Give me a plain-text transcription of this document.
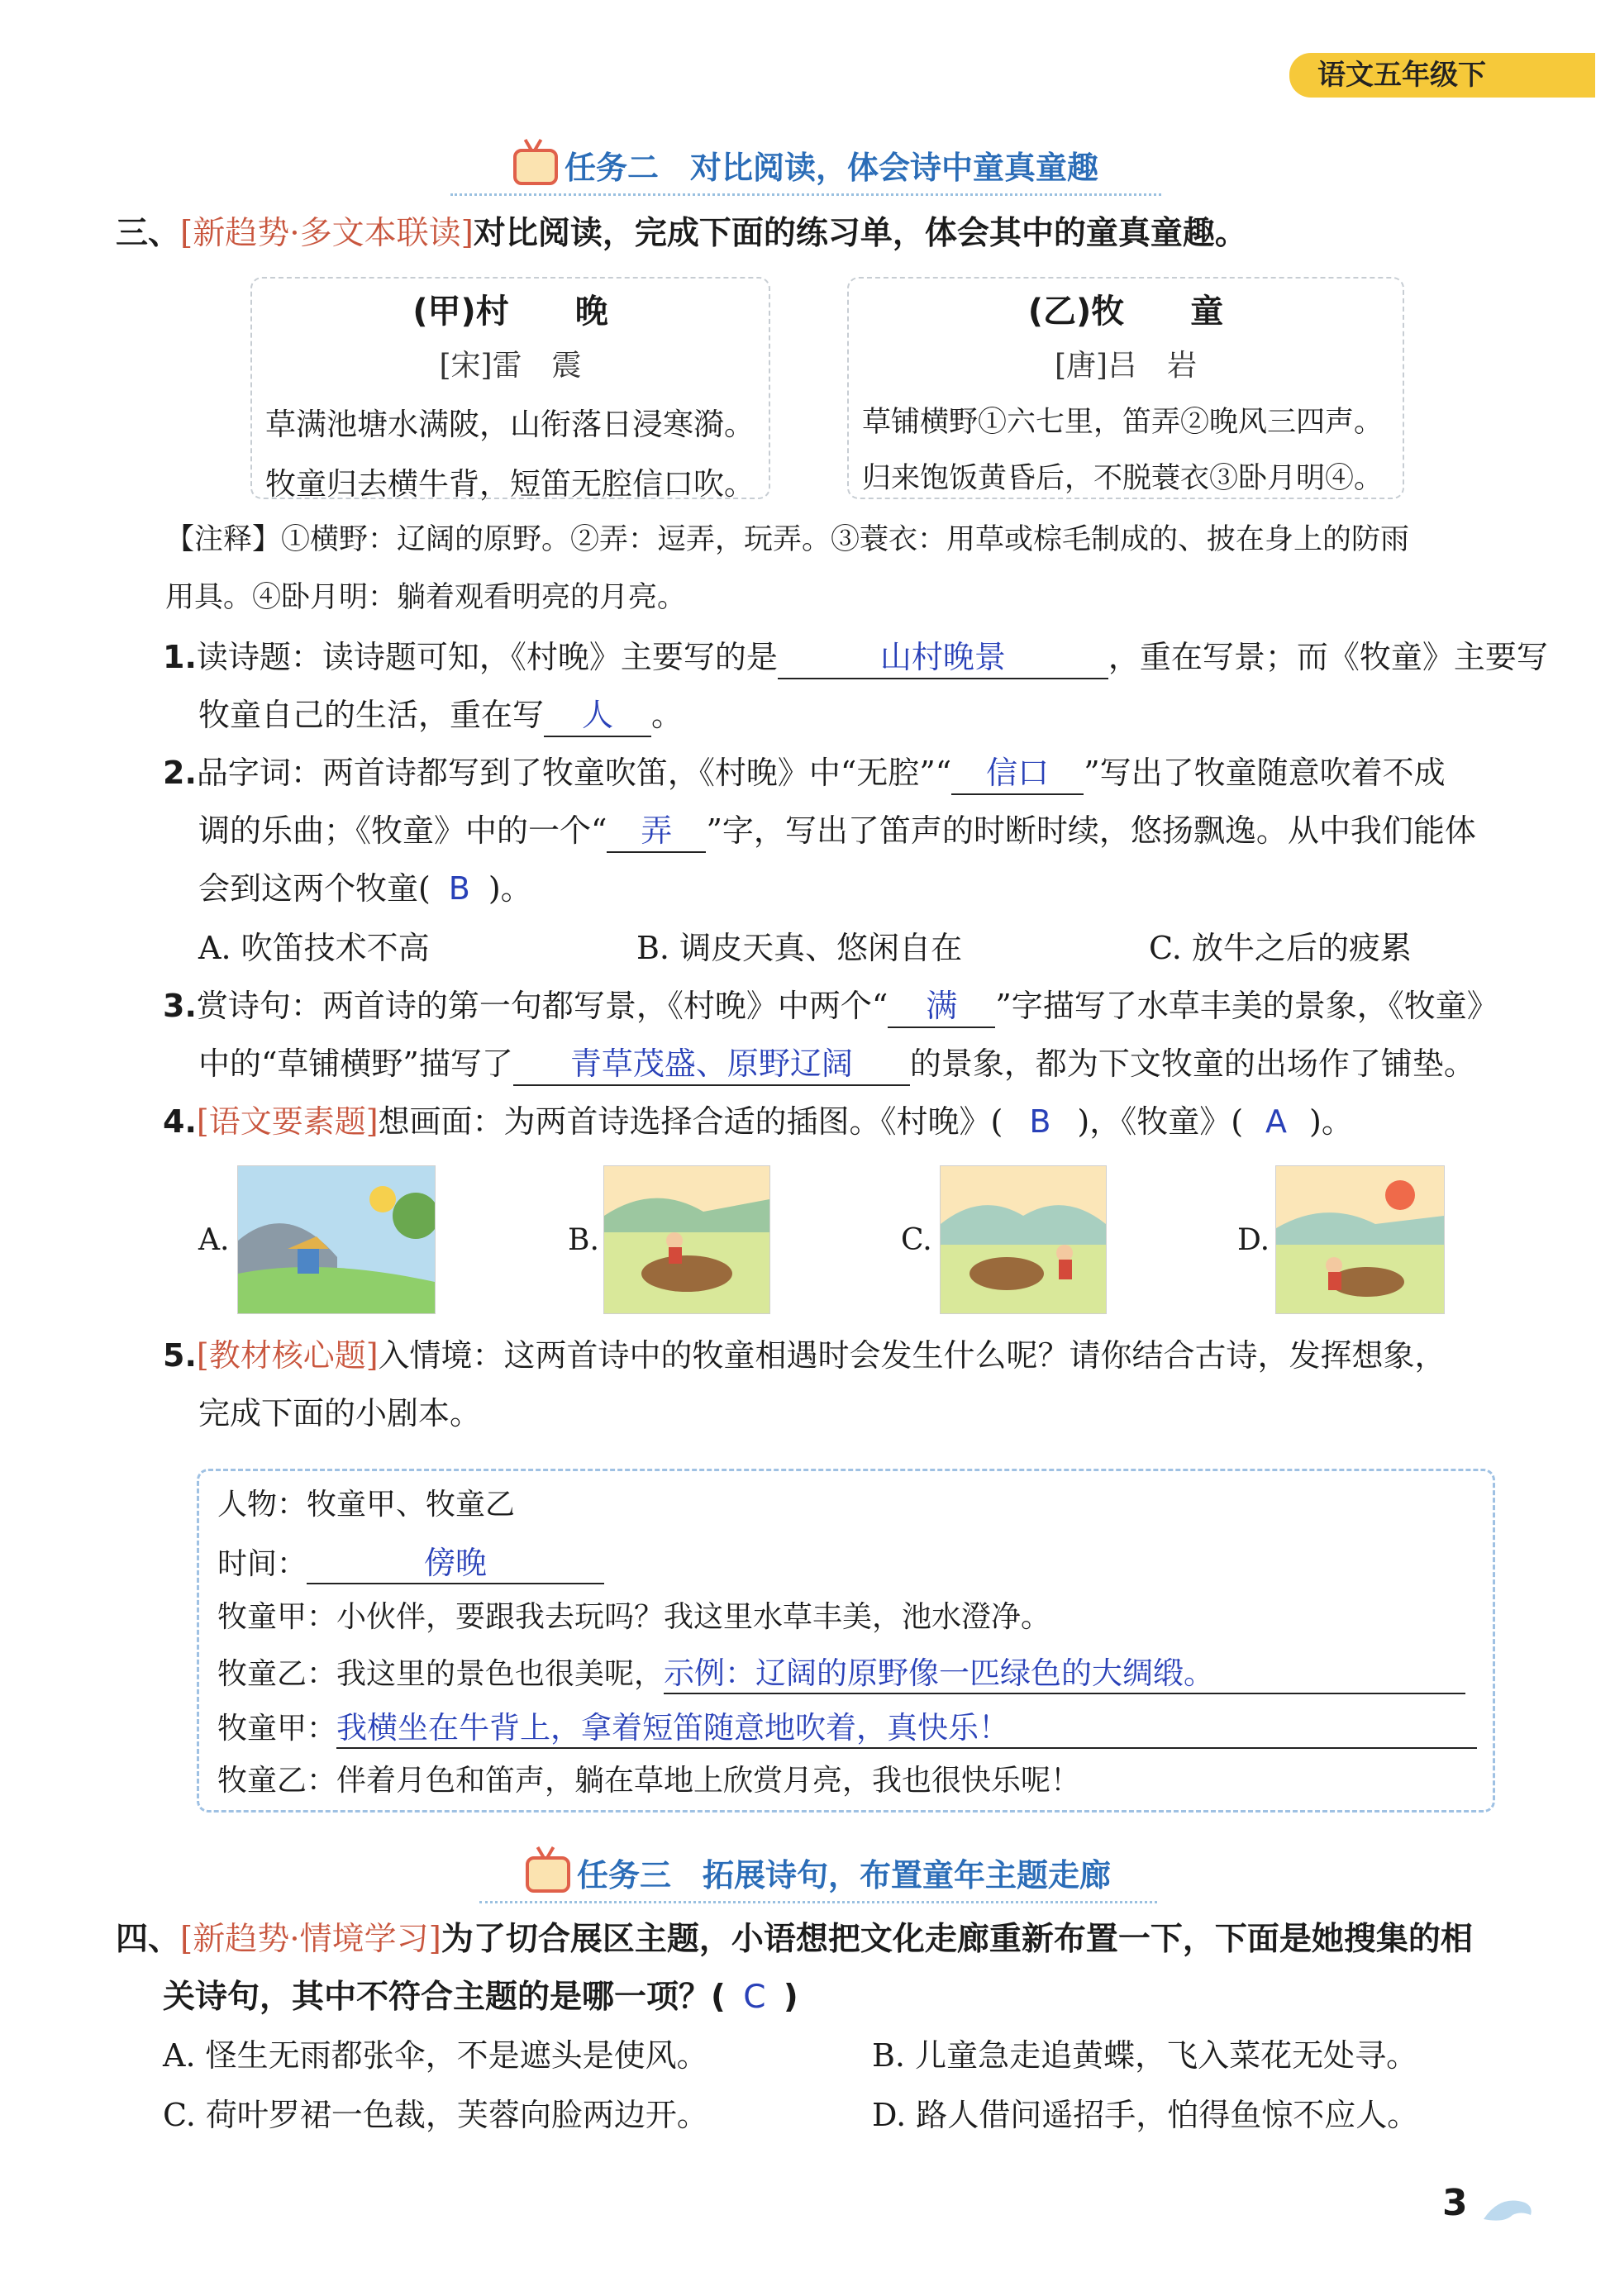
语文五年级下
任务二　对比阅读，体会诗中童真童趣
三、[新趋势·多文本联读]对比阅读，完成下面的练习单，体会其中的童真童趣。
(甲)村　　晚
[宋]雷　震
草满池塘水满陂，山衔落日浸寒漪。
牧童归去横牛背，短笛无腔信口吹。
(乙)牧　　童
[唐]吕　岩
草铺横野①六七里，笛弄②晚风三四声。
归来饱饭黄昏后，不脱蓑衣③卧月明④。
【注释】①横野：辽阔的原野。②弄：逗弄，玩弄。③蓑衣：用草或棕毛制成的、披在身上的防雨
用具。④卧月明：躺着观看明亮的月亮。
1.读诗题：读诗题可知，《村晚》主要写的是	山村晚景	，重在写景；而《牧童》主要写
牧童自己的生活，重在写 人 。
2.品字词：两首诗都写到了牧童吹笛，《村晚》中“无腔”“ 信口 ”写出了牧童随意吹着不成
调的乐曲；《牧童》中的一个“ 弄 ”字，写出了笛声的时断时续，悠扬飘逸。从中我们能体
会到这两个牧童( B )。
A. 吹笛技术不高	B. 调皮天真、悠闲自在	C. 放牛之后的疲累
3.赏诗句：两首诗的第一句都写景，《村晚》中两个“ 满 ”字描写了水草丰美的景象，《牧童》
中的“草铺横野”描写了 青草茂盛、原野辽阔 的景象，都为下文牧童的出场作了铺垫。
4.[语文要素题]想画面：为两首诗选择合适的插图。《村晚》( B )，《牧童》( A )。
A.	B.	C.	D.
5.[教材核心题]入情境：这两首诗中的牧童相遇时会发生什么呢？请你结合古诗，发挥想象，
完成下面的小剧本。
人物：牧童甲、牧童乙
时间：	傍晚
牧童甲：小伙伴，要跟我去玩吗？我这里水草丰美，池水澄净。
牧童乙：我这里的景色也很美呢，示例：辽阔的原野像一匹绿色的大绸缎。
牧童甲：我横坐在牛背上，拿着短笛随意地吹着，真快乐！
牧童乙：伴着月色和笛声，躺在草地上欣赏月亮，我也很快乐呢！
任务三　拓展诗句，布置童年主题走廊
四、[新趋势·情境学习]为了切合展区主题，小语想把文化走廊重新布置一下，下面是她搜集的相
关诗句，其中不符合主题的是哪一项？( C )
A. 怪生无雨都张伞，不是遮头是使风。	B. 儿童急走追黄蝶，飞入菜花无处寻。
C. 荷叶罗裙一色裁，芙蓉向脸两边开。	D. 路人借问遥招手，怕得鱼惊不应人。
3
